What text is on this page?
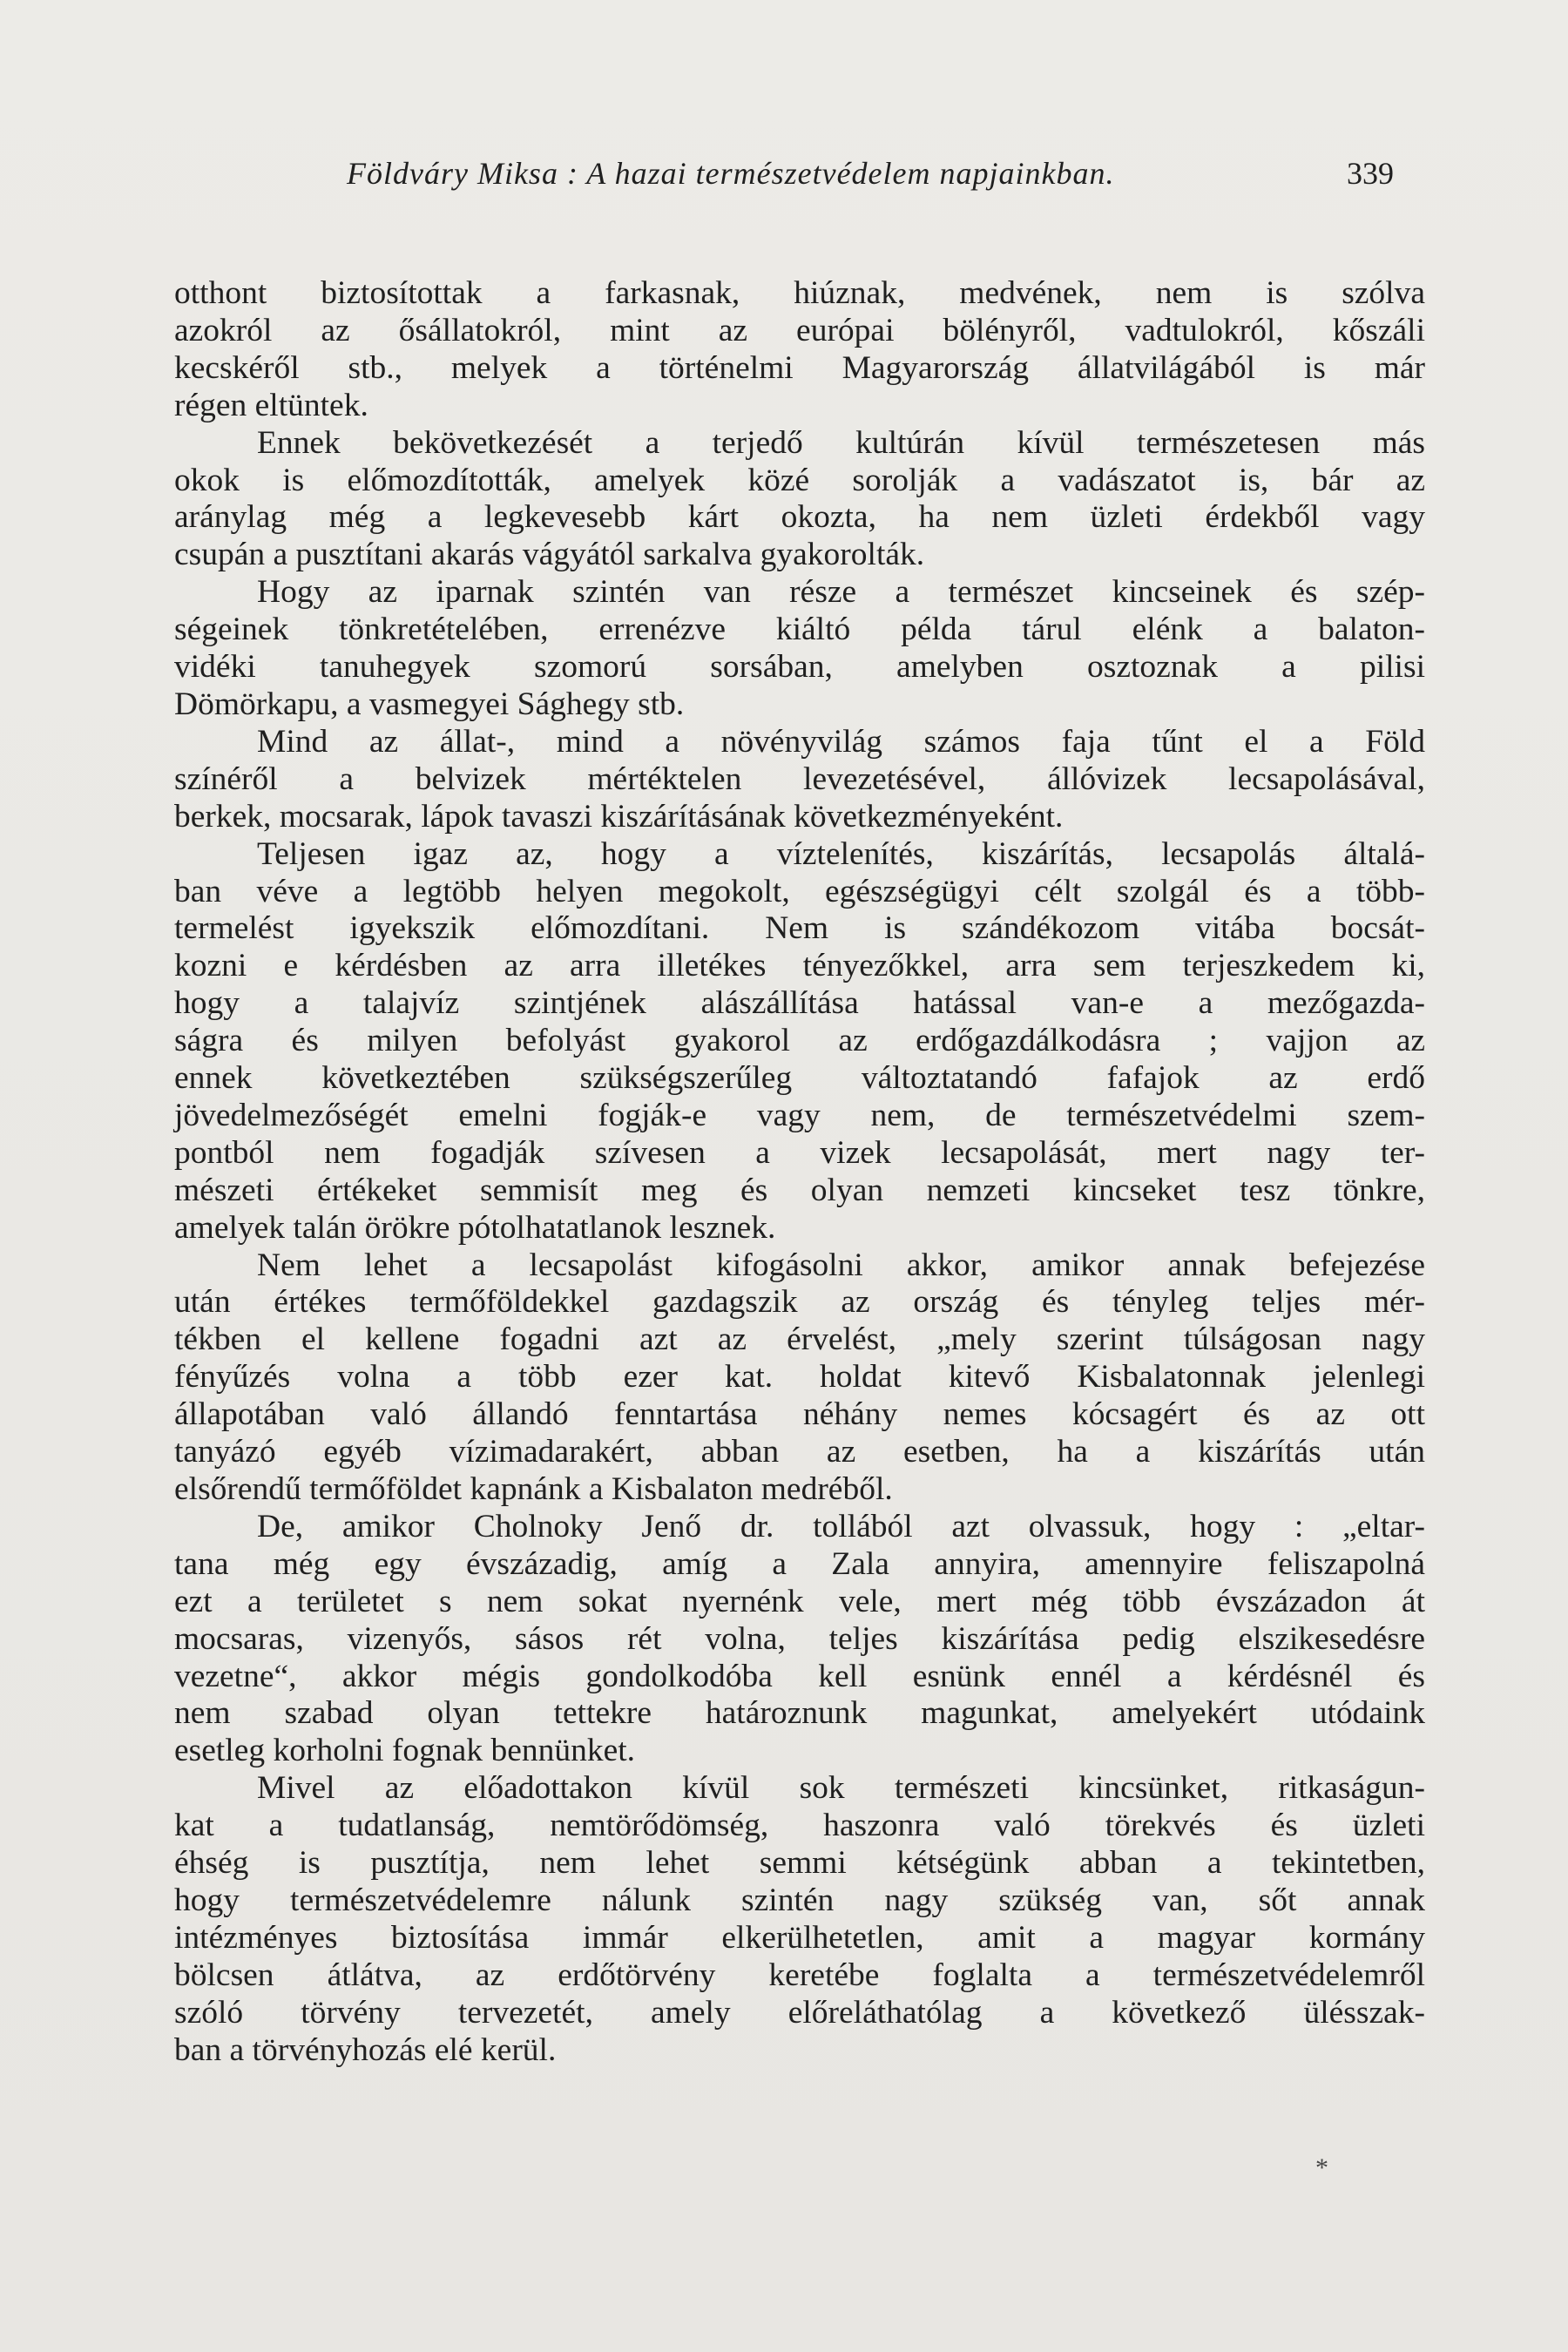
Földváry Miksa : A hazai természetvédelem napjainkban.	339
otthont biztosítottak a farkasnak, hiúznak, medvének, nem is szólva
azokról az ősállatokról, mint az európai bölényről, vadtulokról, kőszáli
kecskéről stb., melyek a történelmi Magyarország állatvilágából is már
régen eltüntek.
Ennek bekövetkezését a terjedő kultúrán kívül természetesen más
okok is előmozdították, amelyek közé sorolják a vadászatot is, bár az
aránylag még a legkevesebb kárt okozta, ha nem üzleti érdekből vagy
csupán a pusztítani akarás vágyától sarkalva gyakorolták.
Hogy az iparnak szintén van része a természet kincseinek és szép-
ségeinek tönkretételében, errenézve kiáltó példa tárul elénk a balaton-
vidéki tanuhegyek szomorú sorsában, amelyben osztoznak a pilisi
Dömörkapu, a vasmegyei Sághegy stb.
Mind az állat-, mind a növényvilág számos faja tűnt el a Föld
színéről a belvizek mértéktelen levezetésével, állóvizek lecsapolásával,
berkek, mocsarak, lápok tavaszi kiszárításának következményeként.
Teljesen igaz az, hogy a víztelenítés, kiszárítás, lecsapolás általá-
ban véve a legtöbb helyen megokolt, egészségügyi célt szolgál és a több-
termelést igyekszik előmozdítani. Nem is szándékozom vitába bocsát-
kozni e kérdésben az arra illetékes tényezőkkel, arra sem terjeszkedem ki,
hogy a talajvíz szintjének alászállítása hatással van-e a mezőgazda-
ságra és milyen befolyást gyakorol az erdőgazdálkodásra ; vajjon az
ennek következtében szükségszerűleg változtatandó fafajok az erdő
jövedelmezőségét emelni fogják-e vagy nem, de természetvédelmi szem-
pontból nem fogadják szívesen a vizek lecsapolását, mert nagy ter-
mészeti értékeket semmisít meg és olyan nemzeti kincseket tesz tönkre,
amelyek talán örökre pótolhatatlanok lesznek.
Nem lehet a lecsapolást kifogásolni akkor, amikor annak befejezése
után értékes termőföldekkel gazdagszik az ország és tényleg teljes mér-
tékben el kellene fogadni azt az érvelést, „mely szerint túlságosan nagy
fényűzés volna a több ezer kat. holdat kitevő Kisbalatonnak jelenlegi
állapotában való állandó fenntartása néhány nemes kócsagért és az ott
tanyázó egyéb vízimadarakért, abban az esetben, ha a kiszárítás után
elsőrendű termőföldet kapnánk a Kisbalaton medréből.
De, amikor Cholnoky Jenő dr. tollából azt olvassuk, hogy : „eltar-
tana még egy évszázadig, amíg a Zala annyira, amennyire feliszapolná
ezt a területet s nem sokat nyernénk vele, mert még több évszázadon át
mocsaras, vizenyős, sásos rét volna, teljes kiszárítása pedig elszikesedésre
vezetne“, akkor mégis gondolkodóba kell esnünk ennél a kérdésnél és
nem szabad olyan tettekre határoznunk magunkat, amelyekért utódaink
esetleg korholni fognak bennünket.
Mivel az előadottakon kívül sok természeti kincsünket, ritkaságun-
kat a tudatlanság, nemtörődömség, haszonra való törekvés és üzleti
éhség is pusztítja, nem lehet semmi kétségünk abban a tekintetben,
hogy természetvédelemre nálunk szintén nagy szükség van, sőt annak
intézményes biztosítása immár elkerülhetetlen, amit a magyar kormány
bölcsen átlátva, az erdőtörvény keretébe foglalta a természetvédelemről
szóló törvény tervezetét, amely előreláthatólag a következő ülésszak-
ban a törvényhozás elé kerül.
*
